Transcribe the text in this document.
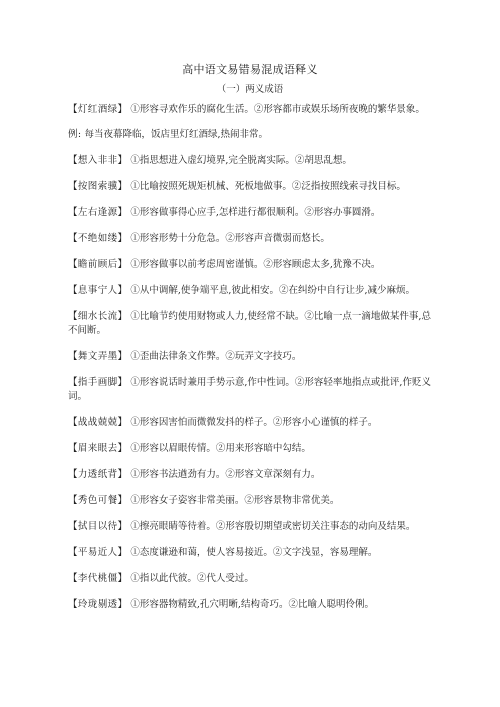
高中语文易错易混成语释义
（一）两义成语
【灯红酒绿】 ①形容寻欢作乐的腐化生活。②形容都市或娱乐场所夜晚的繁华景象。
例: 每当夜幕降临，饭店里灯红酒绿,热闹非常。
【想入非非】 ①指思想进入虚幻境界,完全脱离实际。②胡思乱想。
【按图索骥】 ①比喻按照死规矩机械、死板地做事。②泛指按照线索寻找目标。
【左右逢源】 ①形容做事得心应手,怎样进行都很顺利。②形容办事圆滑。
【不绝如缕】 ①形容形势十分危急。②形容声音微弱而悠长。
【瞻前顾后】 ①形容做事以前考虑周密谨慎。②形容顾虑太多,犹豫不决。
【息事宁人】 ①从中调解,使争端平息,彼此相安。②在纠纷中自行让步,减少麻烦。
【细水长流】 ①比喻节约使用财物或人力,使经常不缺。②比喻一点一滴地做某件事,总不间断。
【舞文弄墨】 ①歪曲法律条文作弊。②玩弄文字技巧。
【指手画脚】 ①形容说话时兼用手势示意,作中性词。②形容轻率地指点或批评,作贬义词。
【战战兢兢】 ①形容因害怕而微微发抖的样子。②形容小心谨慎的样子。
【眉来眼去】 ①形容以眉眼传情。②用来形容暗中勾结。
【力透纸背】 ①形容书法遒劲有力。②形容文章深刻有力。
【秀色可餐】 ①形容女子姿容非常美丽。②形容景物非常优美。
【拭目以待】 ①擦亮眼睛等待着。②形容殷切期望或密切关注事态的动向及结果。
【平易近人】 ①态度谦逊和蔼，使人容易接近。②文字浅显，容易理解。
【李代桃僵】 ①指以此代彼。②代人受过。
【玲珑剔透】 ①形容器物精致,孔穴明晰,结构奇巧。②比喻人聪明伶俐。
